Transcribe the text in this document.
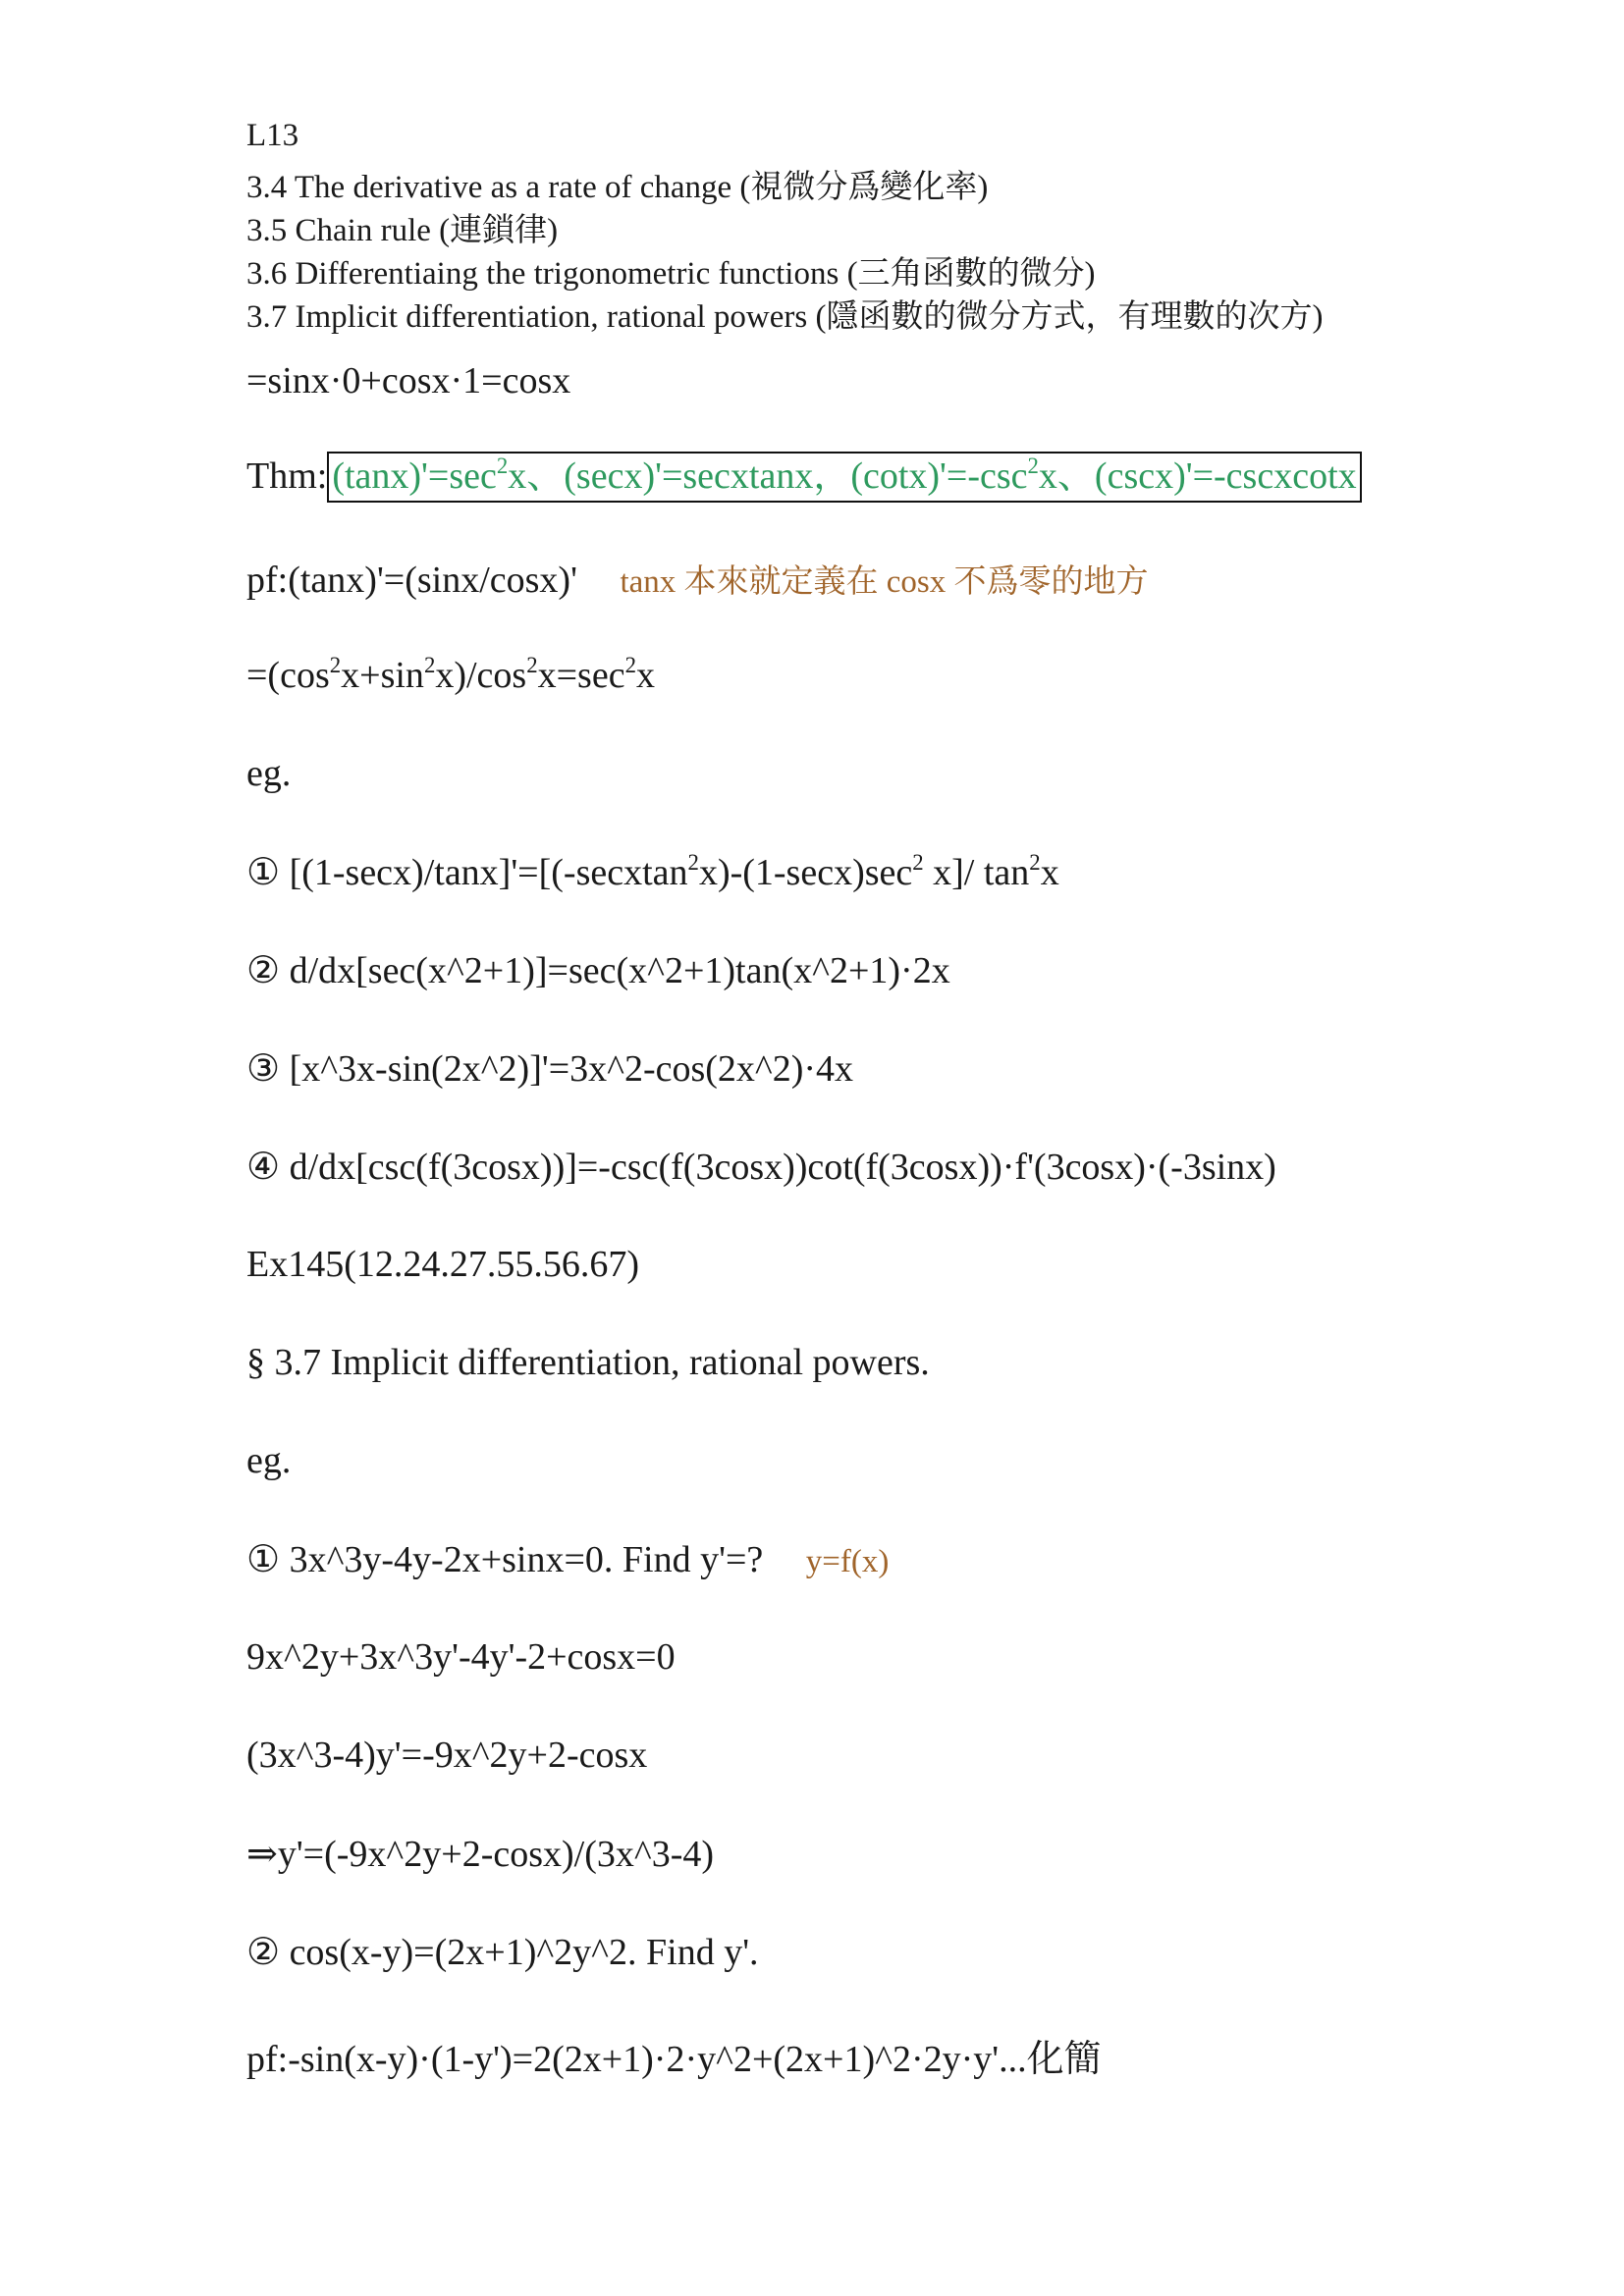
L13
3.4 The derivative as a rate of change (視微分爲變化率)
3.5 Chain rule (連鎖律)
3.6 Differentiaing the trigonometric functions (三角函數的微分)
3.7 Implicit differentiation, rational powers (隱函數的微分方式，有理數的次方)
=sinx·0+cosx·1=cosx
Thm: $(\tan x)'=\sec^2x$、(secx)'=secxtanx，$(\cot x)'=-\csc^2x$、(cscx)'=-cscxcotx
pf:(tanx)'=(sinx/cosx)' tanx 本來就定義在 cosx 不爲零的地方
$=(\cos^2x+\sin^2x)/\cos^2x=\sec^2x$
eg.
① $[(1-\sec x)/\tan x]'=[(-secxtan^2x)-(1-\sec x)\sec^2$ x]/ $\tan^2x$
② d/dx[sec(x^2+1)]=sec(x^2+1)tan(x^2+1)·2x
③ [x^3x-sin(2x^2)]'=3x^2-cos(2x^2)·4x
④ d/dx[csc(f(3cosx))]=-csc(f(3cosx))cot(f(3cosx))·f'(3cosx)·(-3sinx)
Ex145(12.24.27.55.56.67)
§ 3.7 Implicit differentiation, rational powers.
eg.
① 3x^3y-4y-2x+sinx=0. Find y'=? y=f(x)
9x^2y+3x^3y'-4y'-2+cosx=0
(3x^3-4)y'=-9x^2y+2-cosx
⇒y'=(-9x^2y+2-cosx)/(3x^3-4)
② cos(x-y)=(2x+1)^2y^2. Find y'.
pf:-sin(x-y)·(1-y')=2(2x+1)·2·y^2+(2x+1)^2·2y·y'...化簡
